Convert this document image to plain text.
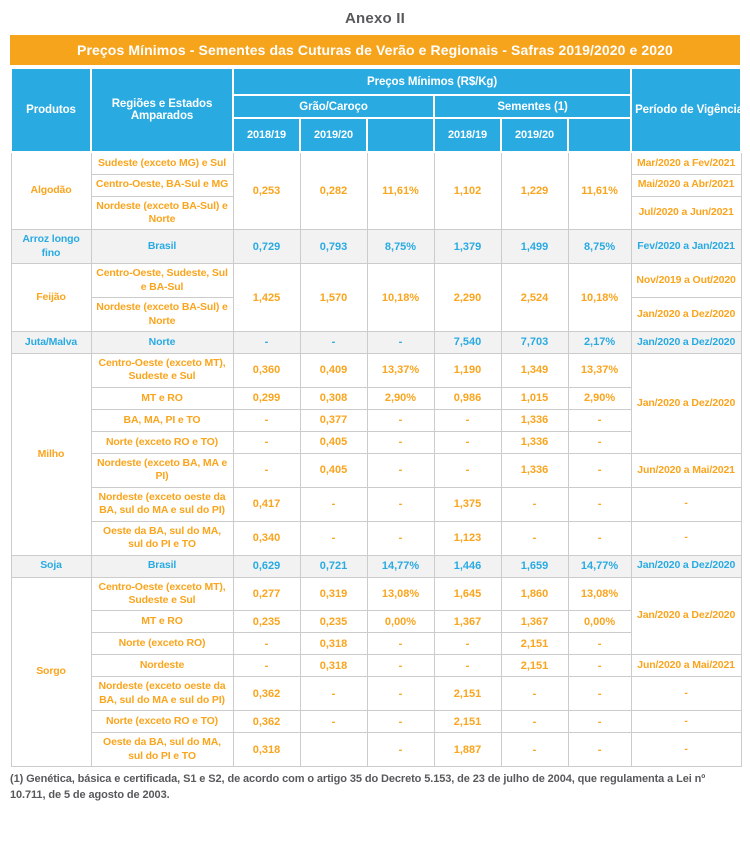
Anexo II
Preços Mínimos - Sementes das Cuturas de Verão e Regionais - Safras 2019/2020 e 2020
Produtos	Regiões e Estados Amparados	Preços Mínimos (R$/Kg)						Período de Vigência
		Grão/Caroço			Sementes (1)			
		2018/19	2019/20		2018/19	2019/20		
Algodão	Sudeste (exceto MG) e Sul	0,253	0,282	11,61%	1,102	1,229	11,61%	Mar/2020 a Fev/2021
	Centro-Oeste, BA-Sul e MG							Mai/2020 a Abr/2021
	Nordeste (exceto BA-Sul) e Norte							Jul/2020 a Jun/2021
Arroz longo fino	Brasil	0,729	0,793	8,75%	1,379	1,499	8,75%	Fev/2020 a Jan/2021
Feijão	Centro-Oeste, Sudeste, Sul e BA-Sul	1,425	1,570	10,18%	2,290	2,524	10,18%	Nov/2019 a Out/2020
	Nordeste (exceto BA-Sul) e Norte							Jan/2020 a Dez/2020
Juta/Malva	Norte	-	-	-	7,540	7,703	2,17%	Jan/2020 a Dez/2020
Milho	Centro-Oeste (exceto MT), Sudeste e Sul	0,360	0,409	13,37%	1,190	1,349	13,37%	Jan/2020 a Dez/2020
	MT e RO	0,299	0,308	2,90%	0,986	1,015	2,90%	
	BA, MA, PI e TO	-	0,377	-	-	1,336	-	
	Norte (exceto RO e TO)	-	0,405	-	-	1,336	-	
	Nordeste (exceto BA, MA e PI)	-	0,405	-	-	1,336	-	Jun/2020 a Mai/2021
	Nordeste (exceto oeste da BA, sul do MA e sul do PI)	0,417	-	-	1,375	-	-	-
	Oeste da BA, sul do MA, sul do PI e TO	0,340	-	-	1,123	-	-	-
Soja	Brasil	0,629	0,721	14,77%	1,446	1,659	14,77%	Jan/2020 a Dez/2020
Sorgo	Centro-Oeste (exceto MT), Sudeste e Sul	0,277	0,319	13,08%	1,645	1,860	13,08%	Jan/2020 a Dez/2020
	MT e RO	0,235	0,235	0,00%	1,367	1,367	0,00%	
	Norte (exceto RO)	-	0,318	-	-	2,151	-	
	Nordeste	-	0,318	-	-	2,151	-	Jun/2020 a Mai/2021
	Nordeste (exceto oeste da BA, sul do MA e sul do PI)	0,362	-	-	2,151	-	-	-
	Norte (exceto RO e TO)	0,362	-	-	2,151	-	-	-
	Oeste da BA, sul do MA, sul do PI e TO	0,318		-	1,887	-	-	-
(1) Genética, básica e certificada, S1 e S2, de acordo com o artigo 35 do Decreto 5.153, de 23 de julho de 2004, que regulamenta a Lei nº 10.711, de 5 de agosto de 2003.
